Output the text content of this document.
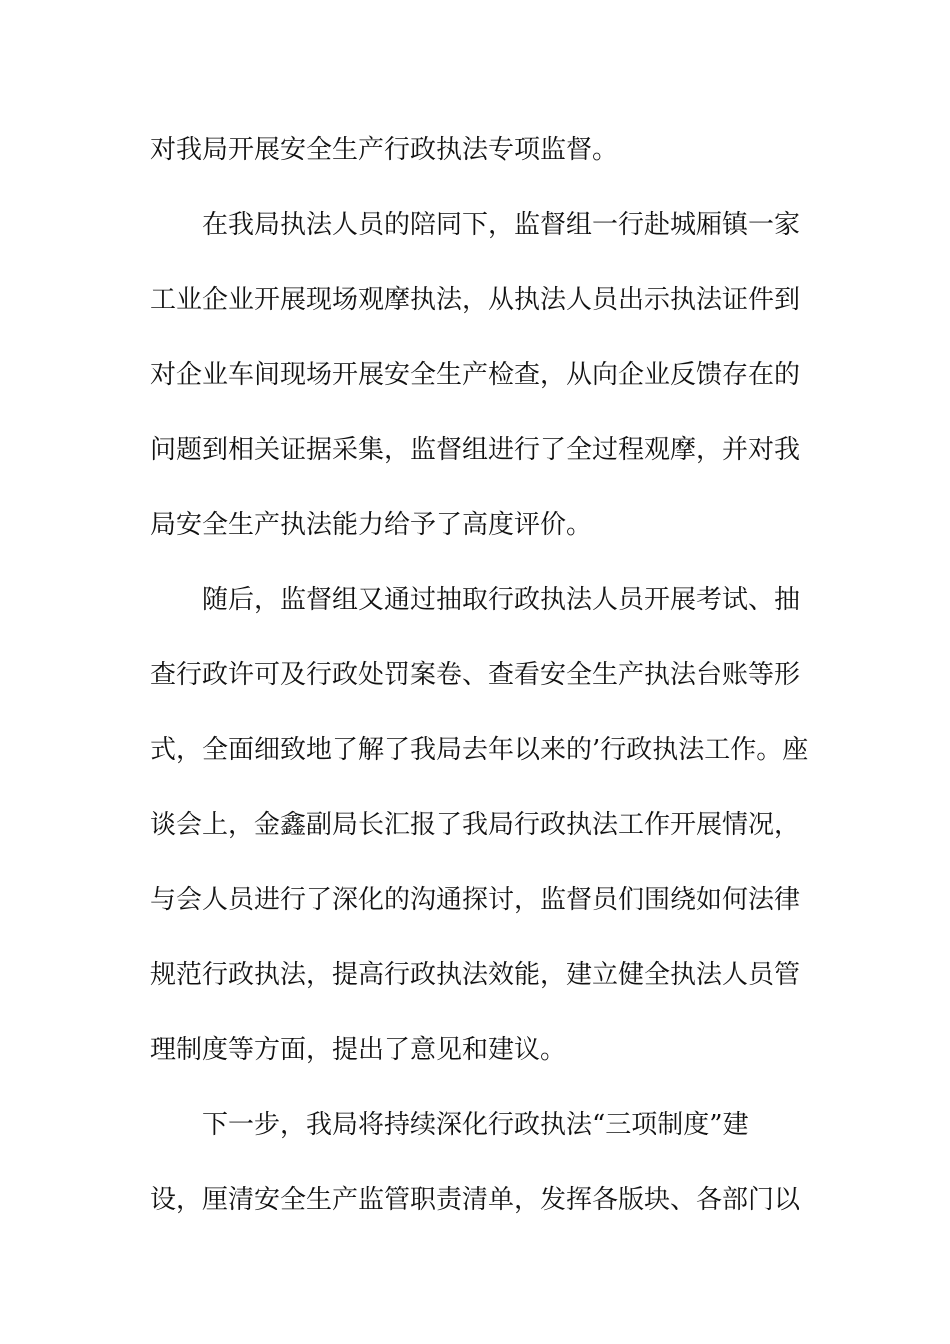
对我局开展安全生产行政执法专项监督。
在我局执法人员的陪同下，监督组一行赴城厢镇一家
工业企业开展现场观摩执法，从执法人员出示执法证件到
对企业车间现场开展安全生产检查，从向企业反馈存在的
问题到相关证据采集，监督组进行了全过程观摩，并对我
局安全生产执法能力给予了高度评价。
随后，监督组又通过抽取行政执法人员开展考试、抽
查行政许可及行政处罚案卷、查看安全生产执法台账等形
式，全面细致地了解了我局去年以来的’行政执法工作。座
谈会上，金鑫副局长汇报了我局行政执法工作开展情况，
与会人员进行了深化的沟通探讨，监督员们围绕如何法律
规范行政执法，提高行政执法效能，建立健全执法人员管
理制度等方面，提出了意见和建议。
下一步，我局将持续深化行政执法“三项制度”建
设，厘清安全生产监管职责清单，发挥各版块、各部门以
